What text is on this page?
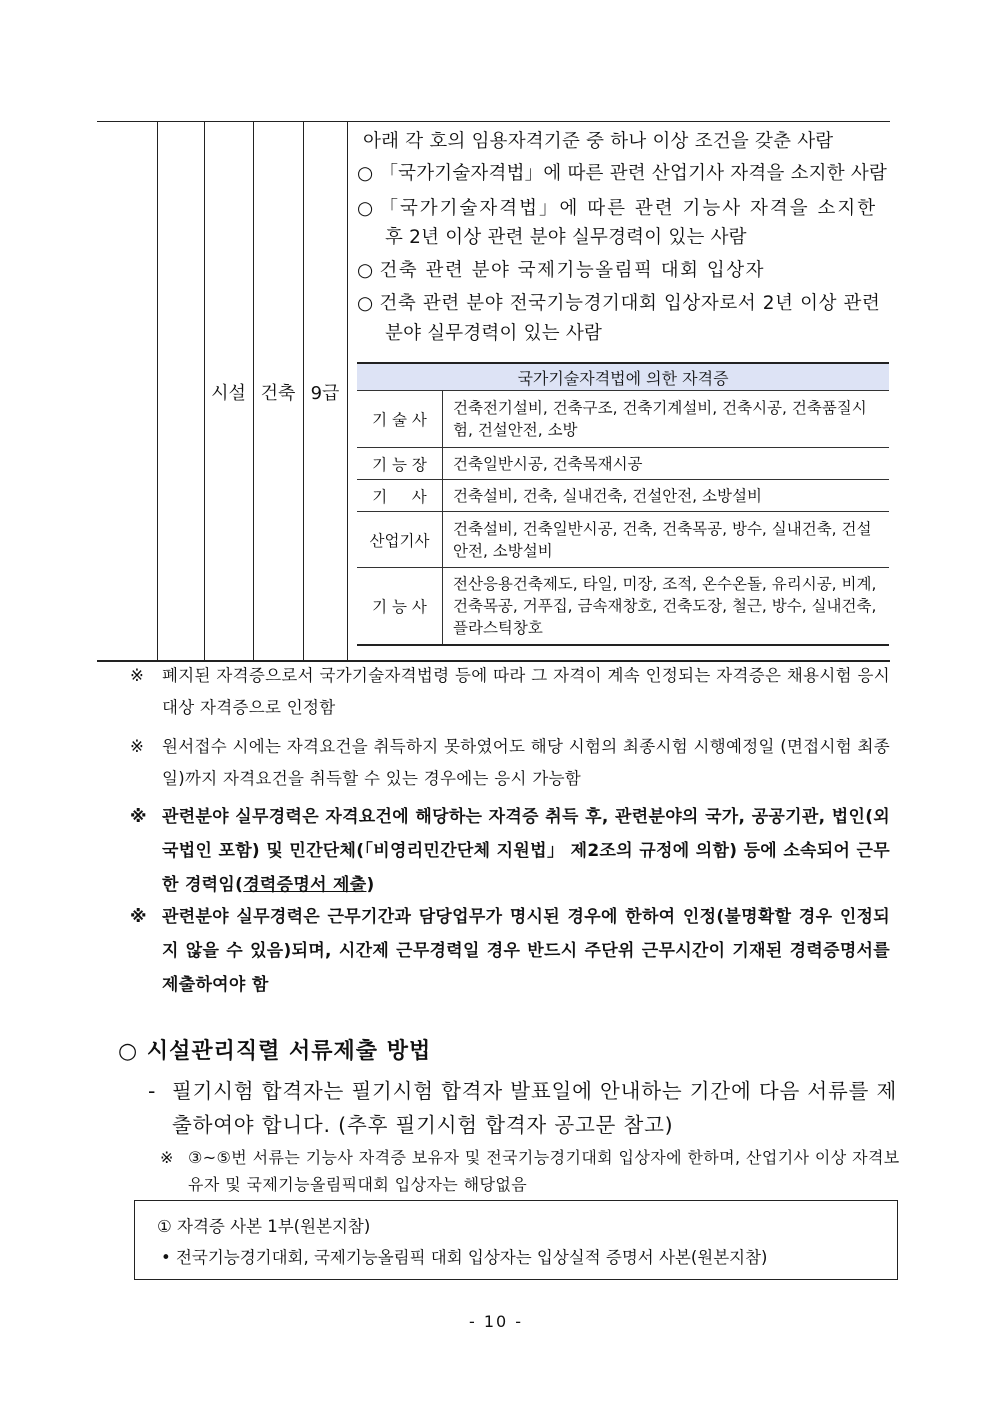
시설 건축 9급
아래 각 호의 임용자격기준 중 하나 이상 조건을 갖춘 사람
○ 「국가기술자격법」에 따른 관련 산업기사 자격을 소지한 사람
○ 「국가기술자격법」에 따른 관련 기능사 자격을 소지한
후 2년 이상 관련 분야 실무경력이 있는 사람
○ 건축 관련 분야 국제기능올림픽 대회 입상자
○ 건축 관련 분야 전국기능경기대회 입상자로서 2년 이상 관련
분야 실무경력이 있는 사람
국가기술자격법에 의한 자격증	
기 술 사	건축전기설비, 건축구조, 건축기계설비, 건축시공, 건축품질시험, 건설안전, 소방
기 능 장	건축일반시공, 건축목재시공
기     사	건축설비, 건축, 실내건축, 건설안전, 소방설비
산업기사	건축설비, 건축일반시공, 건축, 건축목공, 방수, 실내건축, 건설안전, 소방설비
기 능 사	전산응용건축제도, 타일, 미장, 조적, 온수온돌, 유리시공, 비계, 건축목공, 거푸집, 금속재창호, 건축도장, 철근, 방수, 실내건축, 플라스틱창호
※ 폐지된 자격증으로서 국가기술자격법령 등에 따라 그 자격이 계속 인정되는 자격증은 채용시험 응시대상 자격증으로 인정함
※ 원서접수 시에는 자격요건을 취득하지 못하였어도 해당 시험의 최종시험 시행예정일 (면접시험 최종일)까지 자격요건을 취득할 수 있는 경우에는 응시 가능함
※ 관련분야 실무경력은 자격요건에 해당하는 자격증 취득 후, 관련분야의 국가, 공공기관, 법인(외국법인 포함) 및 민간단체(「비영리민간단체 지원법」 제2조의 규정에 의함) 등에 소속되어 근무한 경력임(경력증명서 제출)
※ 관련분야 실무경력은 근무기간과 담당업무가 명시된 경우에 한하여 인정(불명확할 경우 인정되지 않을 수 있음)되며, 시간제 근무경력일 경우 반드시 주단위 근무시간이 기재된 경력증명서를 제출하여야 함
○ 시설관리직렬 서류제출 방법
- 필기시험 합격자는 필기시험 합격자 발표일에 안내하는 기간에 다음 서류를 제출하여야 합니다. (추후 필기시험 합격자 공고문 참고)
※ ③~⑤번 서류는 기능사 자격증 보유자 및 전국기능경기대회 입상자에 한하며, 산업기사 이상 자격보유자 및 국제기능올림픽대회 입상자는 해당없음
① 자격증 사본 1부(원본지참)
• 전국기능경기대회, 국제기능올림픽 대회 입상자는 입상실적 증명서 사본(원본지참)
- 10 -
